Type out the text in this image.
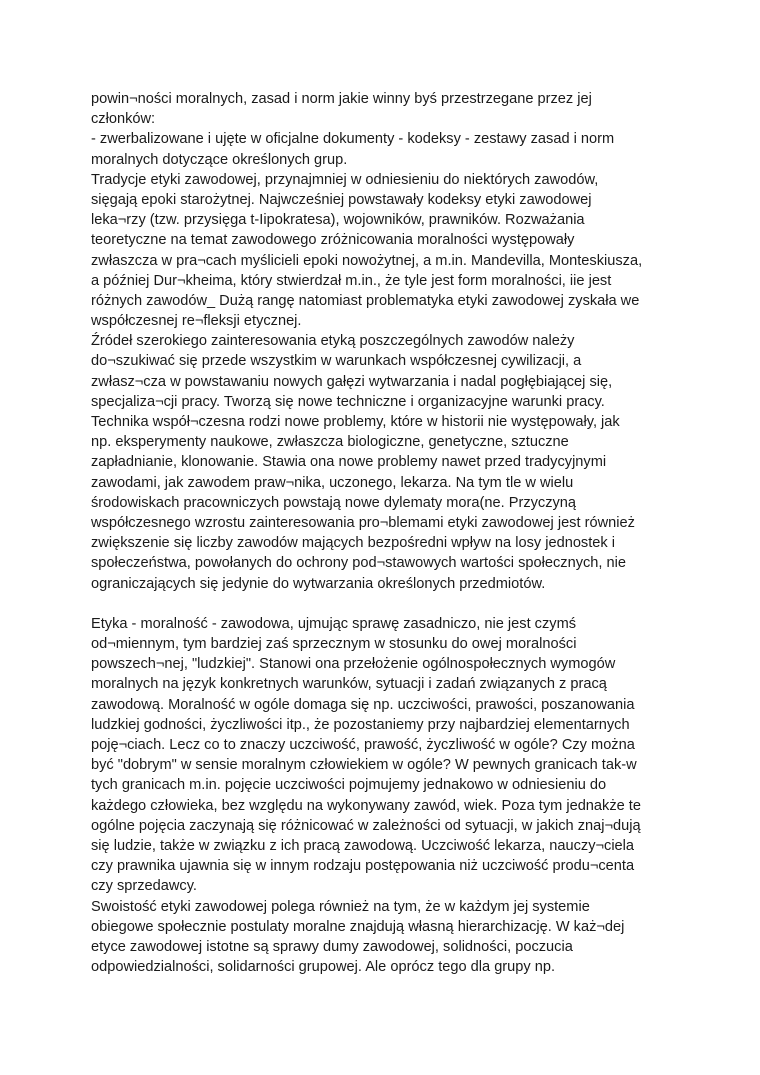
powin¬ności moralnych, zasad i norm jakie winny byś przestrzegane przez jej
członków:
- zwerbalizowane i ujęte w oficjalne dokumenty - kodeksy - zestawy zasad i norm
moralnych dotyczące określonych grup.
Tradycje etyki zawodowej, przynajmniej w odniesieniu do niektórych zawodów,
sięgają epoki starożytnej. Najwcześniej powstawały kodeksy etyki zawodowej
leka¬rzy (tzw. przysięga t-Iipokratesa), wojowników, prawników. Rozważania
teoretyczne na temat zawodowego zróżnicowania moralności występowały
zwłaszcza w pra¬cach myślicieli epoki nowożytnej, a m.in. Mandevilla, Monteskiusza,
a później Dur¬kheima, który stwierdzał m.in., że tyle jest form moralności, iie jest
różnych zawodów_ Dużą rangę natomiast problematyka etyki zawodowej zyskała we
współczesnej re¬fleksji etycznej.
Źródeł szerokiego zainteresowania etyką poszczególnych zawodów należy
do¬szukiwać się przede wszystkim w warunkach współczesnej cywilizacji, a
zwłasz¬cza w powstawaniu nowych gałęzi wytwarzania i nadal pogłębiającej się,
specjaliza¬cji pracy. Tworzą się nowe techniczne i organizacyjne warunki pracy.
Technika współ¬czesna rodzi nowe problemy, które w historii nie występowały, jak
np. eksperymenty naukowe, zwłaszcza biologiczne, genetyczne, sztuczne
zapładnianie, klonowanie. Stawia ona nowe problemy nawet przed tradycyjnymi
zawodami, jak zawodem praw¬nika, uczonego, lekarza. Na tym tle w wielu
środowiskach pracowniczych powstają nowe dylematy mora(ne. Przyczyną
współczesnego wzrostu zainteresowania pro¬blemami etyki zawodowej jest również
zwiększenie się liczby zawodów mających bezpośredni wpływ na losy jednostek i
społeczeństwa, powołanych do ochrony pod¬stawowych wartości społecznych, nie
ograniczających się jedynie do wytwarzania określonych przedmiotów.
Etyka - moralność - zawodowa, ujmując sprawę zasadniczo, nie jest czymś
od¬miennym, tym bardziej zaś sprzecznym w stosunku do owej moralności
powszech¬nej, "ludzkiej". Stanowi ona przełożenie ogólnospołecznych wymogów
moralnych na język konkretnych warunków, sytuacji i zadań związanych z pracą
zawodową. Moralność w ogóle domaga się np. uczciwości, prawości, poszanowania
ludzkiej godności, życzliwości itp., że pozostaniemy przy najbardziej elementarnych
poję¬ciach. Lecz co to znaczy uczciwość, prawość, życzliwość w ogóle? Czy można
być "dobrym" w sensie moralnym człowiekiem w ogóle? W pewnych granicach tak-w
tych granicach m.in. pojęcie uczciwości pojmujemy jednakowo w odniesieniu do
każdego człowieka, bez względu na wykonywany zawód, wiek. Poza tym jednakże te
ogólne pojęcia zaczynają się różnicować w zależności od sytuacji, w jakich znaj¬dują
się ludzie, także w związku z ich pracą zawodową. Uczciwość lekarza, nauczy¬ciela
czy prawnika ujawnia się w innym rodzaju postępowania niż uczciwość produ¬centa
czy sprzedawcy.
Swoistość etyki zawodowej polega również na tym, że w każdym jej systemie
obiegowe społecznie postulaty moralne znajdują własną hierarchizację. W każ¬dej
etyce zawodowej istotne są sprawy dumy zawodowej, solidności, poczucia
odpowiedzialności, solidarności grupowej. Ale oprócz tego dla grupy np.
